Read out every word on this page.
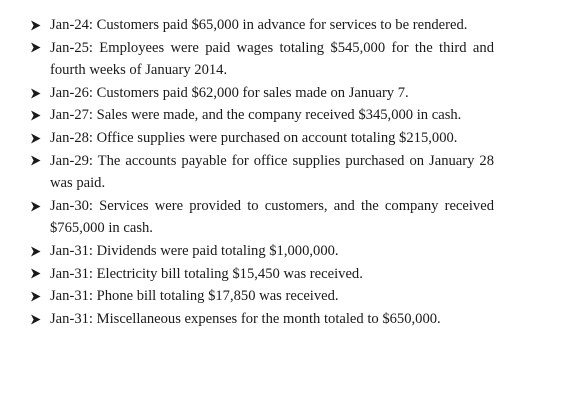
Jan-24: Customers paid $65,000 in advance for services to be rendered.
Jan-25: Employees were paid wages totaling $545,000 for the third and fourth weeks of January 2014.
Jan-26: Customers paid $62,000 for sales made on January 7.
Jan-27: Sales were made, and the company received $345,000 in cash.
Jan-28: Office supplies were purchased on account totaling $215,000.
Jan-29: The accounts payable for office supplies purchased on January 28 was paid.
Jan-30: Services were provided to customers, and the company received $765,000 in cash.
Jan-31: Dividends were paid totaling $1,000,000.
Jan-31: Electricity bill totaling $15,450 was received.
Jan-31: Phone bill totaling $17,850 was received.
Jan-31: Miscellaneous expenses for the month totaled to $650,000.
